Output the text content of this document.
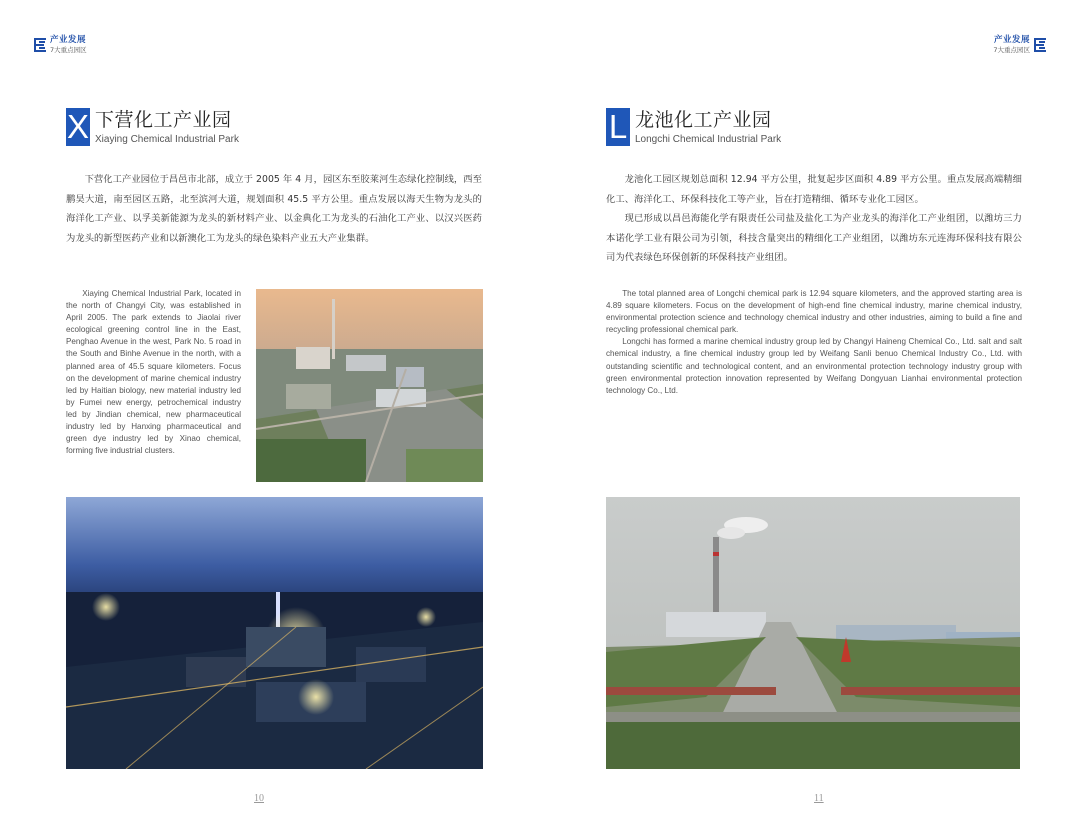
产业发展
7大重点园区
X 下营化工产业园
Xiaying Chemical Industrial Park

下营化工产业园位于昌邑市北部，成立于 2005 年 4 月，园区东至胶莱河生态绿化控制线，西至鹏昊大道，南至园区五路，北至滨河大道，规划面积 45.5 平方公里。重点发展以海天生物为龙头的海洋化工产业、以孚美新能源为龙头的新材料产业、以金典化工为龙头的石油化工产业、以汉兴医药为龙头的新型医药产业和以新澳化工为龙头的绿色染料产业五大产业集群。

Xiaying Chemical Industrial Park, located in the north of Changyi City, was established in April 2005. The park extends to Jiaolai river ecological greening control line in the East, Penghao Avenue in the west, Park No. 5 road in the South and Binhe Avenue in the north, with a planned area of 45.5 square kilometers. Focus on the development of marine chemical industry led by Haitian biology, new material industry led by Fumei new energy, petrochemical industry led by Jindian chemical, new pharmaceutical industry led by Hanxing pharmaceutical and green dye industry led by Xinao chemical, forming five industrial clusters.

10
产业发展
7大重点园区
L 龙池化工产业园
Longchi Chemical Industrial Park

龙池化工园区规划总面积 12.94 平方公里，批复起步区面积 4.89 平方公里。重点发展高端精细化工、海洋化工、环保科技化工等产业，旨在打造精细、循环专业化工园区。

现已形成以昌邑海能化学有限责任公司盐及盐化工为产业龙头的海洋化工产业组团，以潍坊三力本诺化学工业有限公司为引领，科技含量突出的精细化工产业组团，以潍坊东元连海环保科技有限公司为代表绿色环保创新的环保科技产业组团。

The total planned area of Longchi chemical park is 12.94 square kilometers, and the approved starting area is 4.89 square kilometers. Focus on the development of high-end fine chemical industry, marine chemical industry, environmental protection science and technology chemical industry and other industries, aiming to build a fine and recycling professional chemical park.

Longchi has formed a marine chemical industry group led by Changyi Haineng Chemical Co., Ltd. salt and salt chemical industry, a fine chemical industry group led by Weifang Sanli benuo Chemical Industry Co., Ltd. with outstanding scientific and technological content, and an environmental protection technology industry group with green environmental protection innovation represented by Weifang Dongyuan Lianhai environmental protection technology Co., Ltd.

11
